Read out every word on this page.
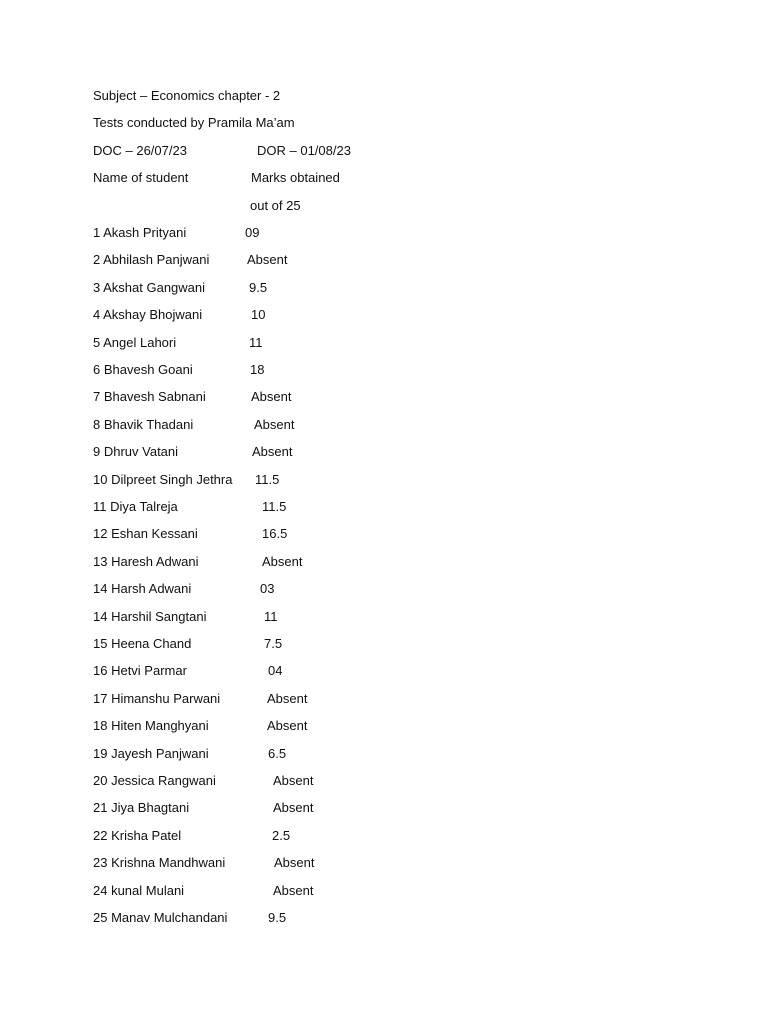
Subject – Economics chapter - 2
Tests conducted by Pramila Ma’am
DOC – 26/07/23	DOR – 01/08/23
Name of student	Marks obtained
out of 25
1 Akash Prityani	09
2 Abhilash Panjwani	Absent
3 Akshat Gangwani	9.5
4 Akshay Bhojwani	10
5 Angel Lahori	11
6 Bhavesh Goani	18
7 Bhavesh Sabnani	Absent
8 Bhavik Thadani	Absent
9 Dhruv Vatani	Absent
10 Dilpreet Singh Jethra 11.5
11 Diya Talreja	11.5
12 Eshan Kessani	16.5
13 Haresh Adwani	Absent
14 Harsh Adwani	03
14 Harshil Sangtani	11
15 Heena Chand	7.5
16 Hetvi Parmar	04
17 Himanshu Parwani	Absent
18 Hiten Manghyani	Absent
19 Jayesh Panjwani	6.5
20 Jessica Rangwani	Absent
21 Jiya Bhagtani	Absent
22 Krisha Patel	2.5
23 Krishna Mandhwani	Absent
24 kunal Mulani	Absent
25 Manav Mulchandani	9.5
